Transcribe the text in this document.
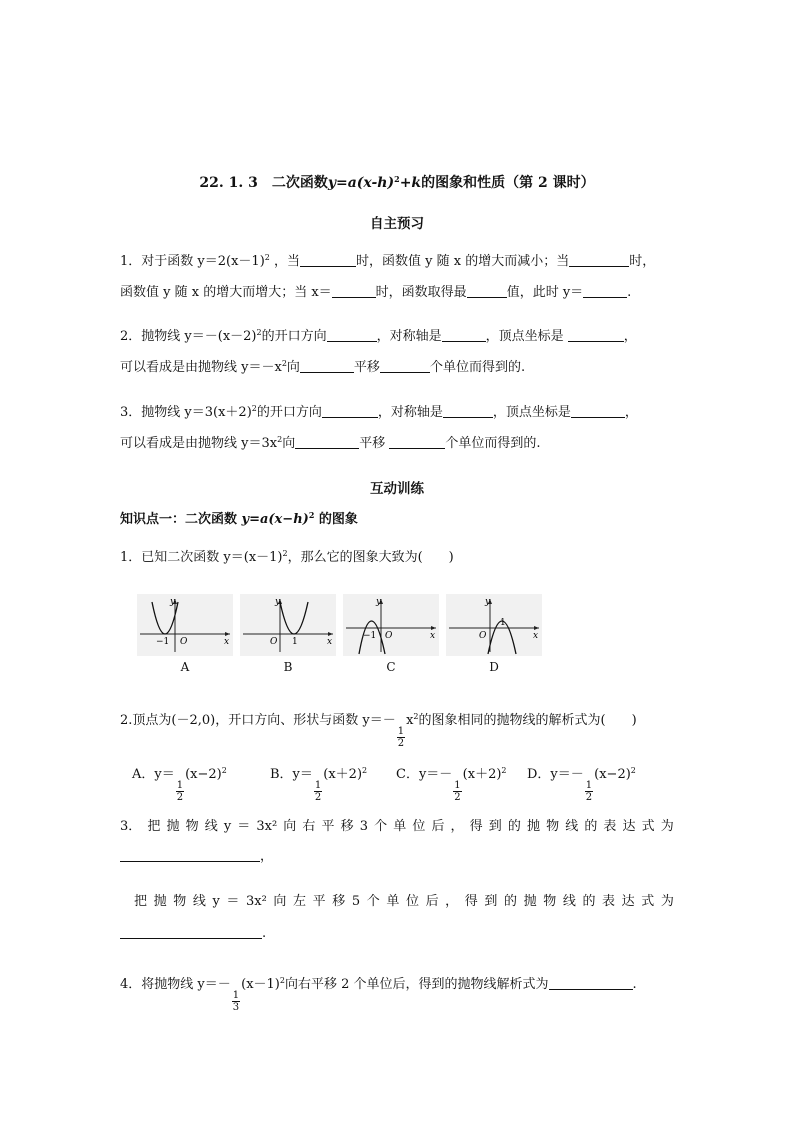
22. 1. 3　二次函数$y=a(x-h)^2+k$的图象和性质（第 2 课时）
自主预习
1．对于函数 $y=2(x-1)^2$ ，当	时，函数值 y 随 x 的增大而减小；当	时，
函数值 y 随 x 的增大而增大；当 x＝	时，函数取得最	值，此时 y＝	.
2．抛物线 $y=-(x-2)^2$的开口方向	，对称轴是	，顶点坐标是	，
可以看成是由抛物线 $y=-x^2$向	平移	个单位而得到的.
3．抛物线 $y=3(x+2)^2$的开口方向	，对称轴是	，顶点坐标是	，
可以看成是由抛物线 $y=3x^2$向	平移	个单位而得到的.
互动训练
知识点一：二次函数 $y=a(x-h)^2$ 的图象
1．已知二次函数 $y=(x-1)^2$，那么它的图象大致为(　　)
y
x
O
−1
A
y
x
O 1
B
y
x
O
−1
C
y
x
O
1
D
2.顶点为(－2,0)，开口方向、形状与函数 y＝－
$\frac{1}{2}$
$x^2$的图象相同的抛物线的解析式为(　　)
A．y＝
$\frac{1}{2}$
$(x-2)^2$	B．y＝
$\frac{1}{2}$
$(x+2)^2$ C．y＝－
$\frac{1}{2}$
$(x+2)^2$ D．y＝－
$\frac{1}{2}$
$(x-2)^2$
3． 把 抛 物 线 y ＝ 3x² 向 右 平 移 3 个 单 位 后 ， 得 到 的 抛 物 线 的 表 达 式 为
，
把 抛 物 线 y ＝ 3x² 向 左 平 移 5 个 单 位 后 ， 得 到 的 抛 物 线 的 表 达 式 为
.
4．将抛物线 y＝－
$\frac{1}{3}$
$(x-1)^2$向右平移 2 个单位后，得到的抛物线解析式为	.
